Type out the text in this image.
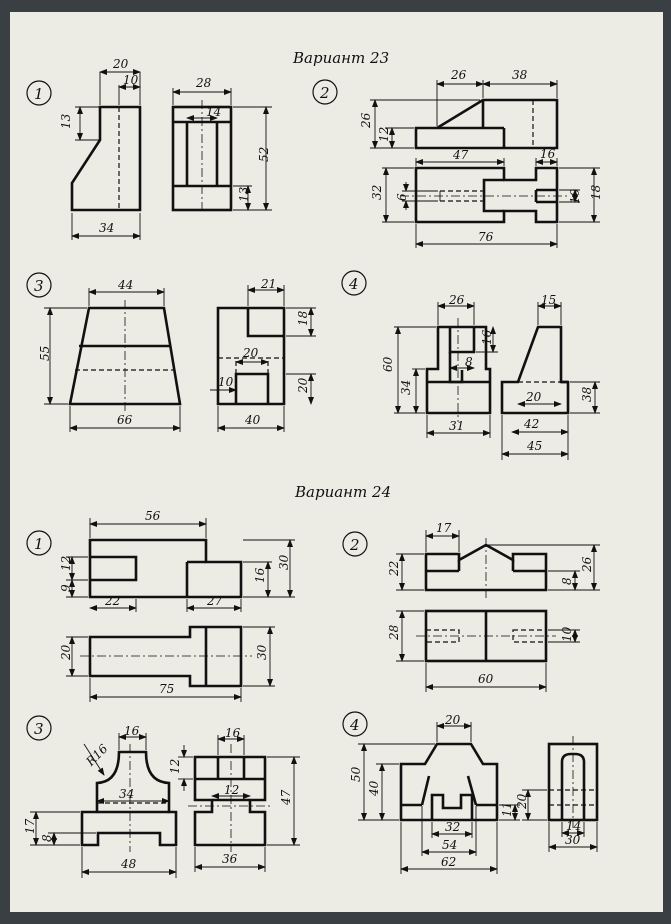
Вариант 23
1
20
10
13
34
28
14
52
13
2
26	38
26
12
47	16
32 6	10 18
76
3	44
55
66
21
18
20
20
10
40
4
26
16
60
34
8
31
15
20	38
42
45
Вариант 24
1
56
12
9
30
16
22	27
20	30
75
2
17
22	26
8
28	10
60
3	16
R16
34
17
8
48
16
12
12	47
36
4	20
50
40
11
32
54
62
20
14
30
